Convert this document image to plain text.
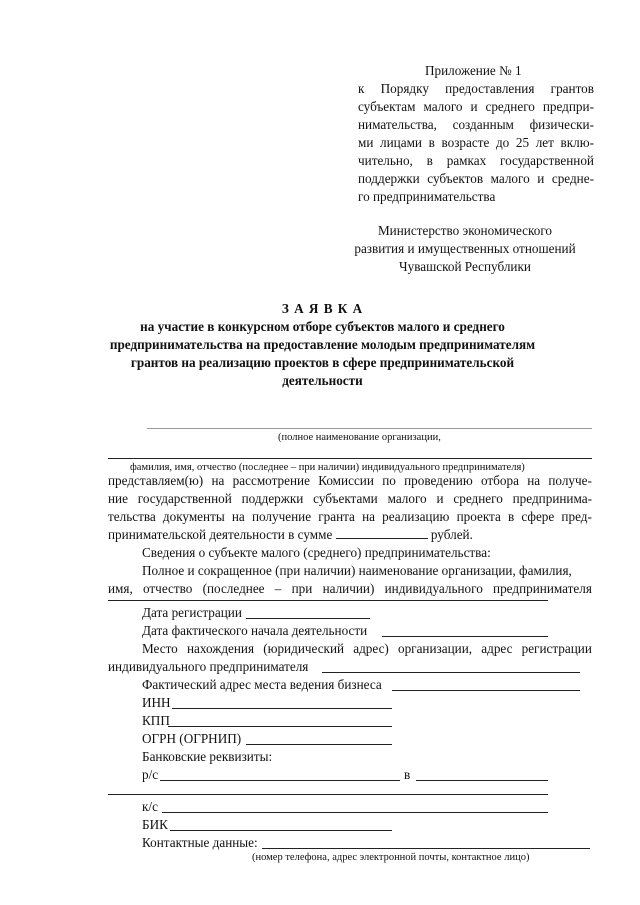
Приложение № 1
к Порядку предоставления грантов
субъектам малого и среднего предпри-
нимательства, созданным физически-
ми лицами в возрасте до 25 лет вклю-
чительно, в рамках государственной
поддержки субъектов малого и средне-
го предпринимательства
Министерство экономического
развития и имущественных отношений
Чувашской Республики
З А Я В К А
на участие в конкурсном отборе субъектов малого и среднего
предпринимательства на предоставление молодым предпринимателям
грантов на реализацию проектов в сфере предпринимательской
деятельности
(полное наименование организации,
фамилия, имя, отчество (последнее – при наличии) индивидуального предпринимателя)
представляем(ю) на рассмотрение Комиссии по проведению отбора на получе-
ние государственной поддержки субъектами малого и среднего предпринима-
тельства документы на получение гранта на реализацию проекта в сфере пред-
принимательской деятельности в сумме	рублей.
Сведения о субъекте малого (среднего) предпринимательства:
Полное и сокращенное (при наличии) наименование организации, фамилия,
имя, отчество (последнее – при наличии) индивидуального предпринимателя
Дата регистрации
Дата фактического начала деятельности
Место нахождения (юридический адрес) организации, адрес регистрации
индивидуального предпринимателя
Фактический адрес места ведения бизнеса
ИНН
КПП
ОГРН (ОГРНИП)
Банковские реквизиты:
р/с	в
к/с
БИК
Контактные данные:
(номер телефона, адрес электронной почты, контактное лицо)
